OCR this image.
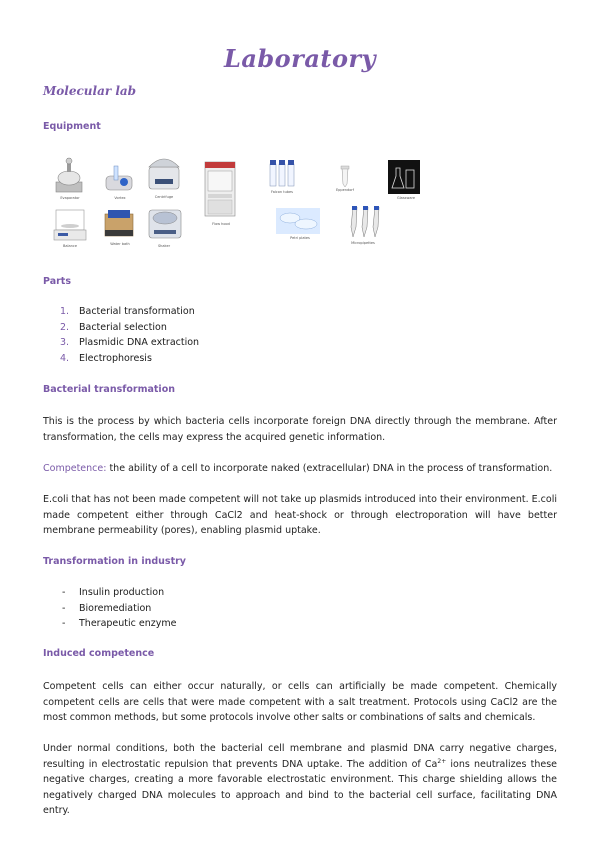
Laboratory
Molecular lab
Equipment
Evaporator	Vortex	Centrifuge
Flow hood
Falcon tubes	Eppendorf
Glassware
Balance	Water bath	Shaker
Petri plates
Micropipettes
Parts
1. Bacterial transformation
2. Bacterial selection
3. Plasmidic DNA extraction
4. Electrophoresis
Bacterial transformation
This is the process by which bacteria cells incorporate foreign DNA directly through the membrane. After transformation, the cells may express the acquired genetic information.
Competence: the ability of a cell to incorporate naked (extracellular) DNA in the process of transformation.
E.coli that has not been made competent will not take up plasmids introduced into their environment. E.coli made competent either through CaCl2 and heat-shock or through electroporation will have better membrane permeability (pores), enabling plasmid uptake.
Transformation in industry
- Insulin production
- Bioremediation
- Therapeutic enzyme
Induced competence
Competent cells can either occur naturally, or cells can artificially be made competent. Chemically competent cells are cells that were made competent with a salt treatment. Protocols using CaCl2 are the most common methods, but some protocols involve other salts or combinations of salts and chemicals.
Under normal conditions, both the bacterial cell membrane and plasmid DNA carry negative charges, resulting in electrostatic repulsion that prevents DNA uptake. The addition of $Ca^{2+}$ ions neutralizes these negative charges, creating a more favorable electrostatic environment. This charge shielding allows the negatively charged DNA molecules to approach and bind to the bacterial cell surface, facilitating DNA entry.
